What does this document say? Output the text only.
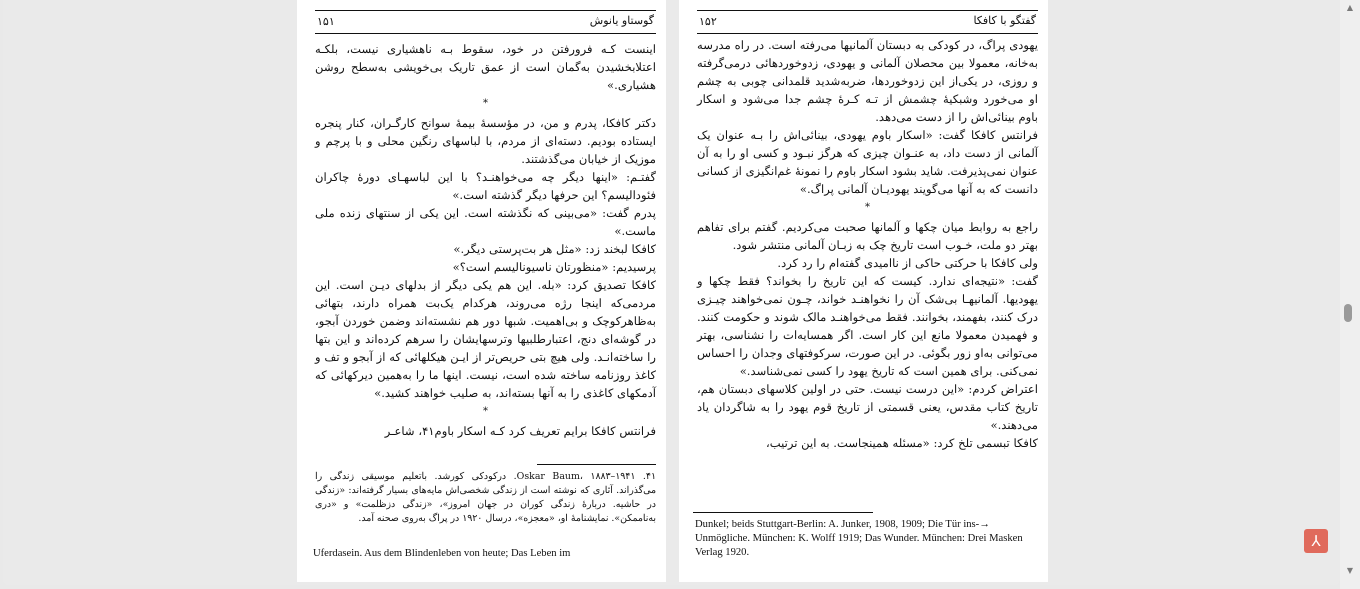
۱۵۱	گوستاو یانوش

اینست کـه فرورفتن در خود، سقوط بـه ناهشیاری نیست، بلکـه اعتلابخشیدن به‌گمان است از عمق تاریک بی‌خویشی به‌سطح روشن هشیاری.»

*

دکتر کافکا، پدرم و من، در مؤسسهٔ بیمهٔ سوانح کارگـران، کنار پنجره ایستاده بودیم. دسته‌ای از مردم، با لباسهای رنگین محلی و با پرچم و موزیک از خیابان می‌گذشتند.

گفتـم: «اینها دیگر چه می‌خواهنـد؟ با این لباسهـای دورهٔ چاکران فئودالیسم؟ این حرفها دیگر گذشته است.»

پدرم گفت: «می‌بینی که نگذشته است. این یکی از سنتهای زنده ملی ماست.»

کافکا لبخند زد: «مثل هر بت‌پرستی دیگر.»

پرسیدیم: «منظورتان ناسیونالیسم است؟»

کافکا تصدیق کرد: «بله. این هم یکی دیگر از بدلهای دیـن است. این مردمی‌که اینجا رژه می‌روند، هرکدام یک‌بت همراه دارند، بتهائی به‌ظاهرکوچک و بی‌اهمیت. شبها دور هم نشسته‌اند وضمن خوردن آبجو، در گوشه‌ای دنج، اعتبارطلبیها وترسهایشان را سرهم کرده‌اند و این بتها را ساخته‌انـد. ولی هیچ بتی حریص‌تر از ایـن هیکلهائی که از آبجو و تف و کاغذ روزنامه ساخته شده است، نیست. اینها ما را به‌همین دیرکهائی که آدمکهای کاغذی را به آنها بسته‌اند، به صلیب خواهند کشید.»

*

فرانتس کافکا برایم تعریف کرد کـه اسکار باوم۴۱، شاعـر

۴۱. Oskar Baum، ۱۸۸۳–۱۹۴۱. درکودکی کورشد. باتعلیم موسیقی زندگی را می‌گذراند. آثاری که نوشته است از زندگی شخصی‌اش مایه‌های بسیار گرفته‌اند: «زندگی در حاشیه. دربارهٔ زندگی کوران در جهان امروز»، «زندگی دزظلمت» و «دری به‌ناممکن». نمایشنامهٔ او، «معجزه»، درسال ۱۹۲۰ در پراگ به‌روی صحنه آمد.
Uferdasein. Aus dem Blindenleben von heute; Das Leben im
۱۵۲	گفتگو با کافکا

یهودی پراگ، در کودکی به دبستان آلمانیها می‌رفته است. در راه مدرسه به‌خانه، معمولا بین محصلان آلمانی و یهودی، زدوخوردهائی درمی‌گرفته و روزی، در یکی‌از این زدوخوردها، ضربه‌شدید قلمدانی چوبی به چشم او می‌خورد وشبکیهٔ چشمش از تـه کـرهٔ چشم جدا می‌شود و اسکار باوم بینائی‌اش را از دست می‌دهد.

فرانتس کافکا گفت: «اسکار باوم یهودی، بینائی‌اش را بـه عنوان یک آلمانی از دست داد، به عنـوان چیزی که هرگز نبـود و کسی او را به آن عنوان نمی‌پذیرفت. شاید بشود اسکار باوم را نمونهٔ غم‌انگیزی از کسانی دانست که به آنها می‌گویند یهودیـان آلمانی پراگ.»

*

راجع به روابط میان چکها و آلمانها صحبت می‌کردیم. گفتم برای تفاهم بهتر دو ملت، خـوب است تاریخ چک به زبـان آلمانی منتشر شود.

ولی کافکا با حرکتی حاکی از ناامیدی گفته‌ام را رد کرد.

گفت: «نتیجه‌ای ندارد. کیست که این تاریخ را بخواند؟ فقط چکها و یهودیها. آلمانیهـا بی‌شک آن را نخواهنـد خواند، چـون نمی‌خواهند چیـزی درک کنند، بفهمند، بخوانند. فقط می‌خواهنـد مالک شوند و حکومت کنند. و فهمیدن معمولا مانع این کار است. اگر همسایه‌ات را نشناسی، بهتر می‌توانی به‌او زور بگوئی. در این صورت، سرکوفتهای وجدان را احساس نمی‌کنی. برای همین است که تاریخ یهود را کسی نمی‌شناسد.»

اعتراض کردم: «این درست نیست. حتی در اولین کلاسهای دبستان هم، تاریخ کتاب مقدس، یعنی قسمتی از تاریخ قوم یهود را به شاگردان یاد می‌دهند.»

کافکا تبسمی تلخ کرد: «مسئله همینجاست. به این ترتیب،

Dunkel; beids Stuttgart-Berlin: A. Junker, 1908, 1909; Die Tür ins-→ Unmögliche. München: K. Wolff 1919; Das Wunder. München: Drei Masken Verlag 1920.
⅄
▲
▼
